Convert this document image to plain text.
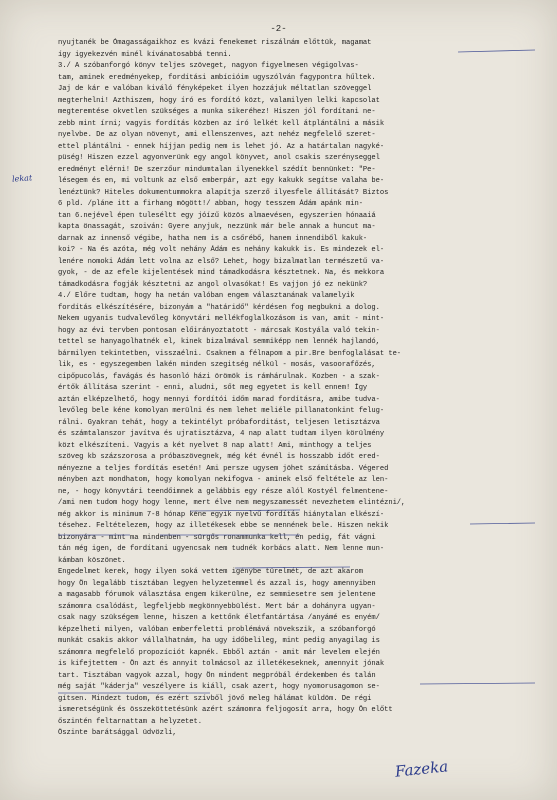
-2-
nyujtanék be Ómagasságaikhoz es kvázi fenekemet riszálnám előttük, magamat
így igyekezvén minél kívánatosabbá tenni.
3./ A szóbanforgó könyv teljes szöveget, nagyon figyelmesen végigolvas-
tam, aminek eredményekep, fordítási ambícióim ugyszólván fagypontra hűltek.
Jaj de kár e valóban kiváló fényképeket ilyen hozzájuk méltatlan szöveggel
megterhelni! Azthiszem, hogy író es fordító közt, valamilyen lelki kapcsolat
megteremtése okvetlen szükséges a munka sikeréhez! Hiszen jól fordítani ne-
zebb mint írni; vagyis fordítás közben az író lelkét kell átplántálni a másik
nyelvbe. De az olyan növenyt, ami ellenszenves, azt nehéz megfelelő szeret-
ettel plántálni - ennek híjjan pedig nem is lehet jó. Az a határtalan nagyké-
püség! Hiszen ezzel agyonverünk egy angol könyvet, anol csakis szerényseggel
eredményt elérni! De szerzőur mindumtalan ilyenekkel szédít bennünket: "Pe-
lésegem és en, mi voltunk az első emberpár, azt egy kakukk segítse valaha be-
lenéztünk? Hiteles dokumentummokra alapítja szerző ilyesfele állítását? Biztos
6 pld. /pláne itt a firhang mögött!/ abban, hogy tesszem Ádám apánk min-
tan 6.nejével épen tuleséltt egy jóízű közös almaevésen, egyszerien hónaaiá
kapta önassagát, szoiván: Gyere anyjuk, nezzünk már bele annak a huncut ma-
darnak az innenső végibe, hatha nem is a csőrébő, hanem innendiből kakuk-
koi? - Na és azóta, még volt nehány Ádám es nehány kakukk is. Es mindezek el-
lenére nomoki Ádám lett volna az első? Lehet, hogy bizalmatlan természetű va-
gyok, - de az efele kijelentések mind támadkodásra késztetnek. Na, és mekkora
támadkodásra fogják késztetni az angol olvasókat! Es vajjon jó ez nekünk?
4./ Előre tudtam, hogy ha netán valóban engem választanának valamelyik
fordítás elkészítésére, bizonyám a "határidő" kérdésen fog megbukni a dolog.
Nekem ugyanis tudvalevőleg könyvtári mellékfoglalkozásom is van, amit - mint-
hogy az évi tervben pontosan előirányoztatott - márcsak Kostyála való tekin-
tettel se hanyagolhatnék el, kinek bizalmával semmiképp nem lennék hajlandó,
bármilyen tekintetben, visszaélni. Csaknem a félnapom a pir.Bre benfoglalásat te-
lik, es - egyszegemben lakén minden szegitség nélkül - mosás, vasoorafőzés,
cipőpucolás, favágás és hasonló házi örömök is rámhárulnak. Kozben - a szak-
értők állítása szerint - enni, aludni, sőt meg egyetet is kell ennem! Így
aztán elképzelhető, hogy mennyi fordítói időm marad fordításra, amibe tudva-
levőleg bele kéne komolyan merülni és nem lehet meliéle pillanatonkint felug-
rálni. Gyakran tehát, hogy a tekintélyt próbaforditást, teljesen letisztázva
és számtalanszor javítva és ujratisztázva, 4 nap alatt tudtam ilyen körülmény
közt elkészíteni. Vagyis a két nyelvet 8 nap alatt! Ami, minthogy a teljes
szöveg kb százszorosa a próbaszövegnek, még két évnél is hosszabb időt ered-
ményezne a teljes fordítás esetén! Ami persze ugysem jöhet számításba. Végered
ményben azt mondhatom, hogy komolyan nekifogva - aminek első feltétele az len-
ne, - hogy könyvtári teendőimnek a gelábbis egy része alól Kostyél felmentene-
/ami nem tudom hogy hogy lenne, mert élve nem megyszamessét nevezhetem elintézni/,
még akkor is minimum 7-8 hónap kéne egyik nyelvű fordítás hiánytalan elkészí-
tésehez. Feltételezem, hogy az illetékesek ebbe se mennének bele. Hiszen nekik
bizonyára - mint ma mindenben - sürgős ronammunka kell, én pedig, fát vágni
tán még igen, de fordítani ugyencsak nem tudnék korbács alatt. Nem lenne mun-
kámban köszönet.
Engedelmet kerek, hogy ilyen soká vettem igénybe türelmét, de azt akarom
hogy Ön legalább tisztában legyen helyzetemmel és azzal is, hogy amennyiben
a magasabb fórumok választása engem kikerülne, ez semmiesetre sem jelentene
számomra csalódást, legfeljebb megkönnyebbülést. Mert bár a dohányra ugyan-
csak nagy szükségem lenne, hiszen a kettőnk életfantártása /anyámé es enyém/
képzelheti milyen, valóban emberfeletti problémává növekszik, a szóbanforgó
munkát csakis akkor vállalhatnám, ha ugy időbelileg, mint pedig anyagilag is
számomra megfelelő propozíciót kapnék. Ebből aztán - amit már levelem elején
is kifejtettem - Ön azt és annyit tolmácsol az illetékeseknek, amennyit jónak
tart. Tisztában vagyok azzal, hogy Ön mindent megpróbál érdekemben és talán
még saját "káderja" veszélyere is kiáll, csak azert, hogy nyomorusagomon se-
gítsen. Mindezt tudom, és ezért szívből jövő meleg hálámat küldöm. De régi
ismeretségünk és összeköttetésünk azért számomra feljogosít arra, hogy Ön előtt
őszintén feltarnattam a helyzetet.
Őszinte barátsággal üdvözli,
lekat
Fazeka
